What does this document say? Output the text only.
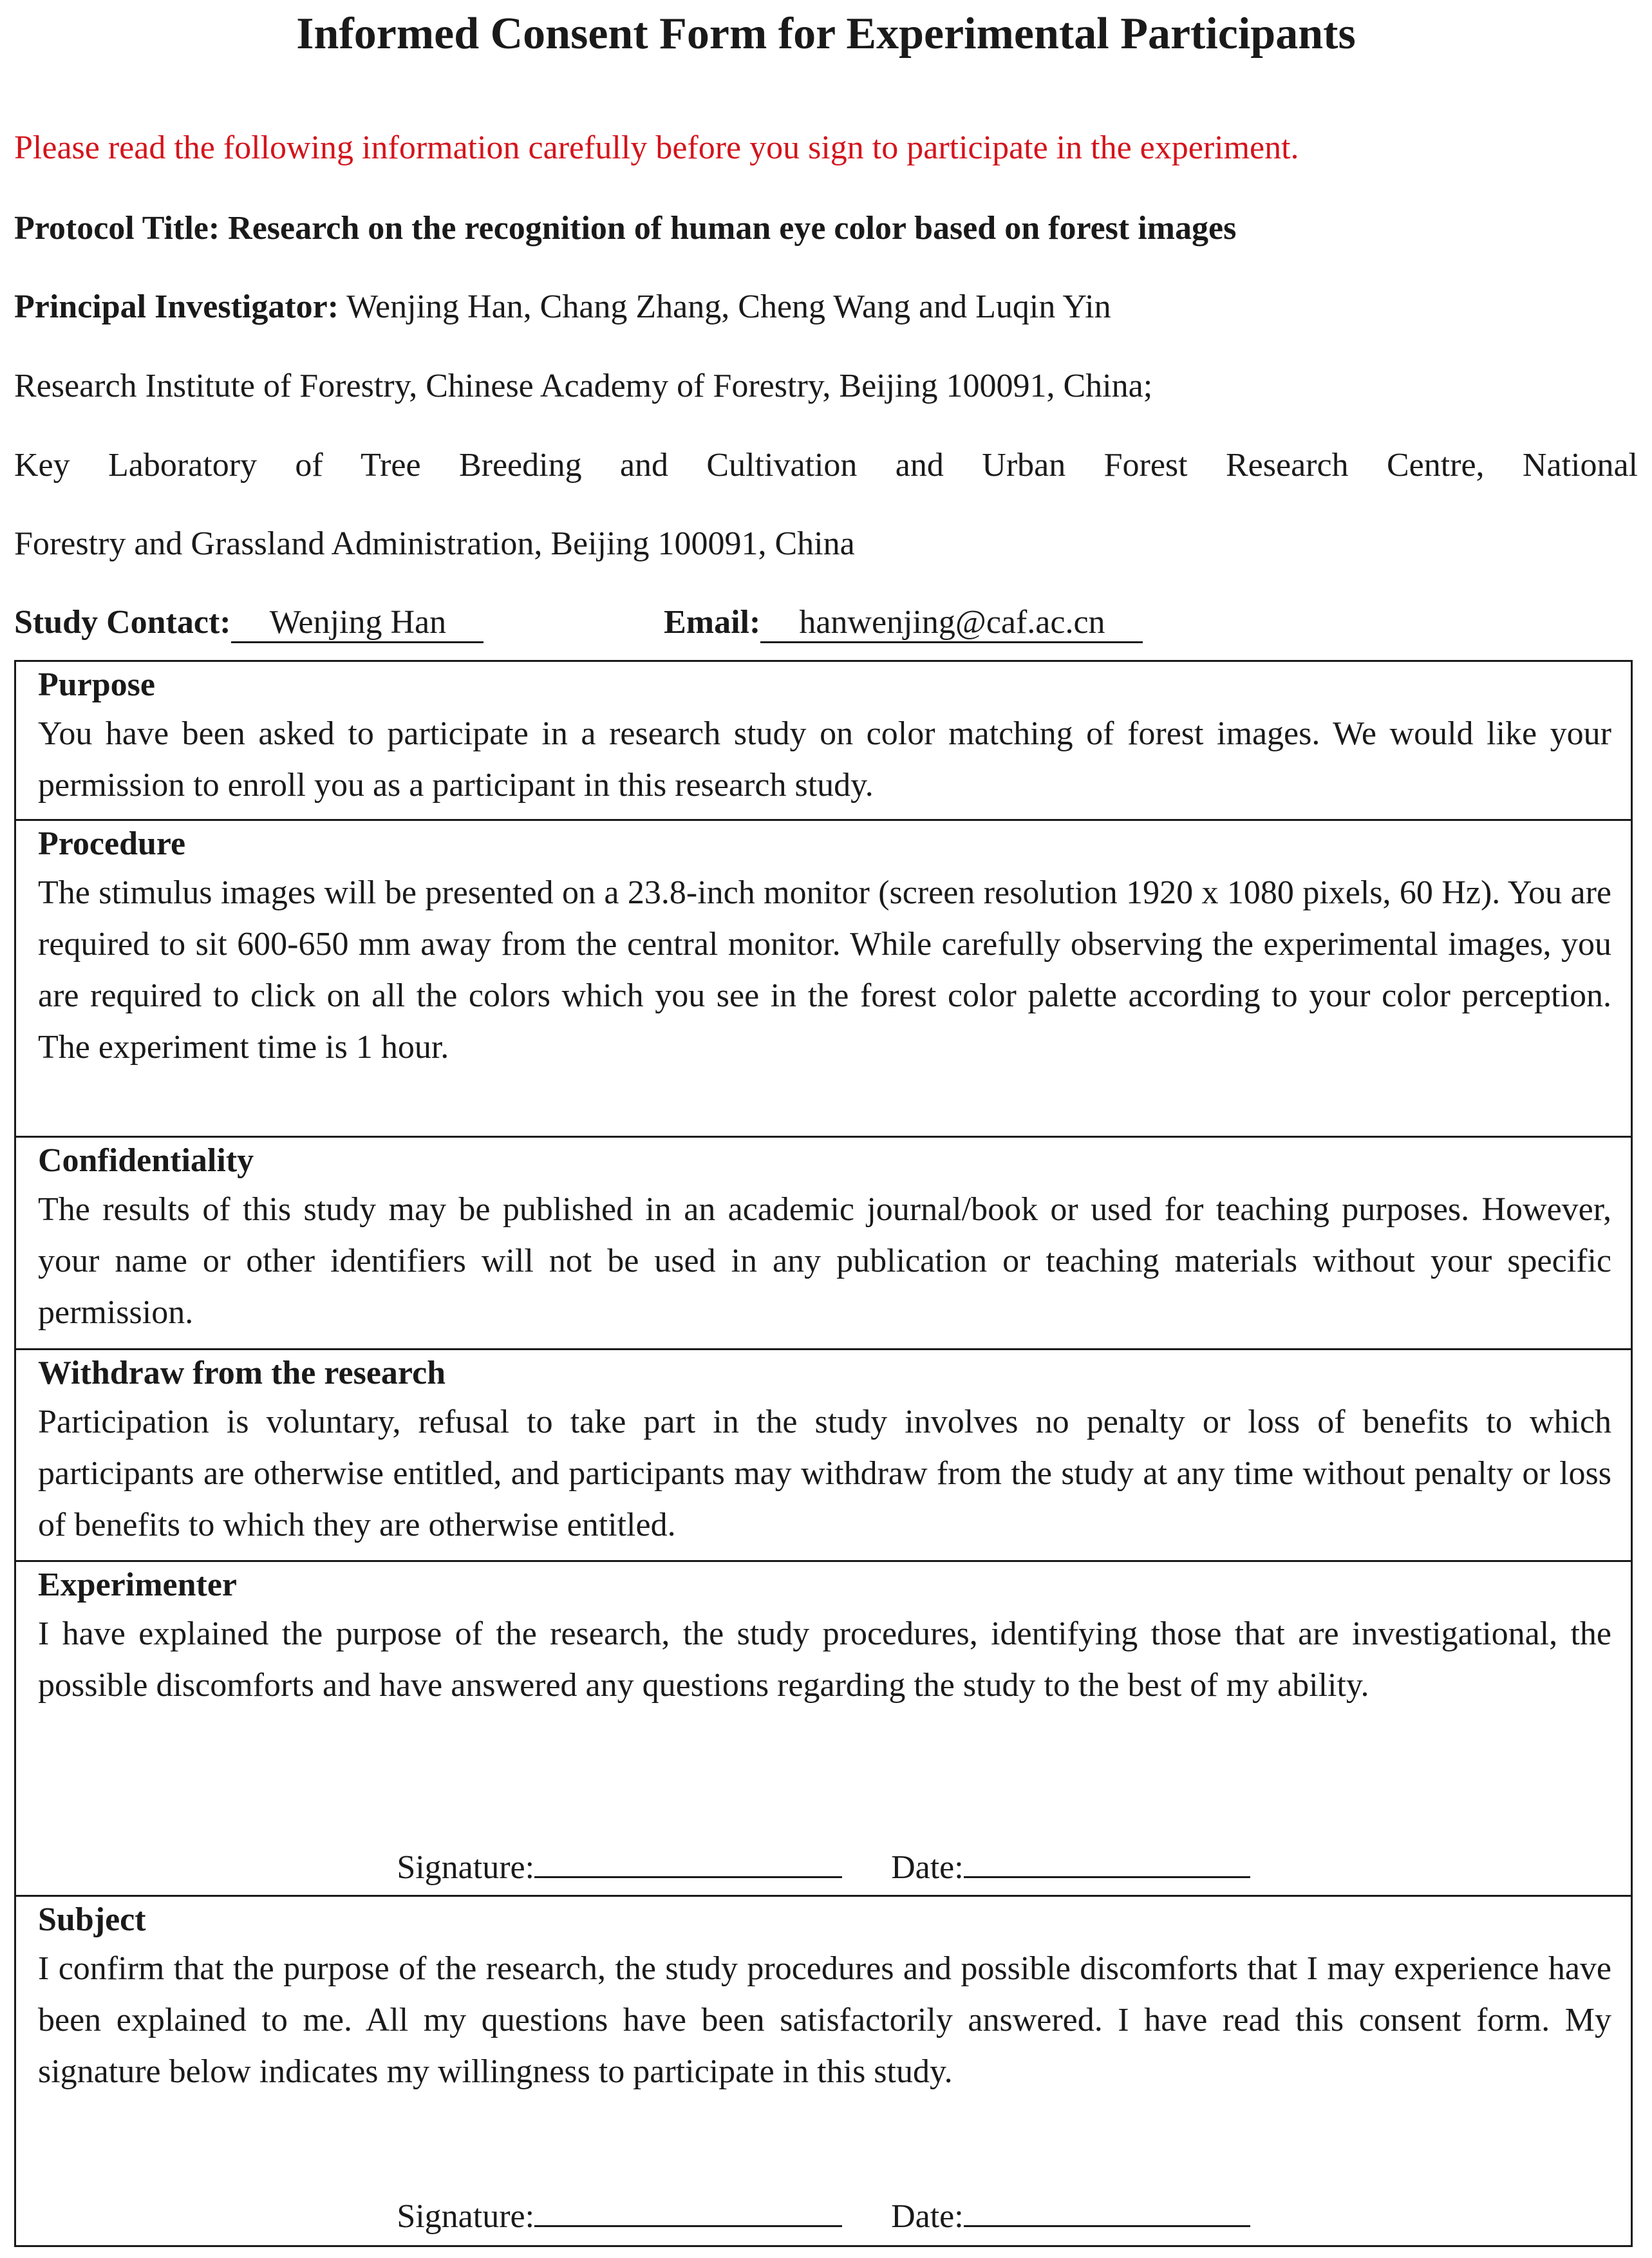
Informed Consent Form for Experimental Participants

Please read the following information carefully before you sign to participate in the experiment.

Protocol Title: Research on the recognition of human eye color based on forest images

Principal Investigator: Wenjing Han, Chang Zhang, Cheng Wang and Luqin Yin

Research Institute of Forestry, Chinese Academy of Forestry, Beijing 100091, China;

Key Laboratory of Tree Breeding and Cultivation and Urban Forest Research Centre, National

Forestry and Grassland Administration, Beijing 100091, China

Study Contact: Wenjing Han	Email: hanwenjing@caf.ac.cn

Purpose

You have been asked to participate in a research study on color matching of forest images. We would like your permission to enroll you as a participant in this research study.

Procedure

The stimulus images will be presented on a 23.8-inch monitor (screen resolution 1920 x 1080 pixels, 60 Hz). You are required to sit 600-650 mm away from the central monitor. While carefully observing the experimental images, you are required to click on all the colors which you see in the forest color palette according to your color perception. The experiment time is 1 hour.

Confidentiality

The results of this study may be published in an academic journal/book or used for teaching purposes. However, your name or other identifiers will not be used in any publication or teaching materials without your specific permission.

Withdraw from the research

Participation is voluntary, refusal to take part in the study involves no penalty or loss of benefits to which participants are otherwise entitled, and participants may withdraw from the study at any time without penalty or loss of benefits to which they are otherwise entitled.

Experimenter

I have explained the purpose of the research, the study procedures, identifying those that are investigational, the possible discomforts and have answered any questions regarding the study to the best of my ability.

Signature:	Date:
Subject

I confirm that the purpose of the research, the study procedures and possible discomforts that I may experience have been explained to me. All my questions have been satisfactorily answered. I have read this consent form. My signature below indicates my willingness to participate in this study.

Signature:	Date:
